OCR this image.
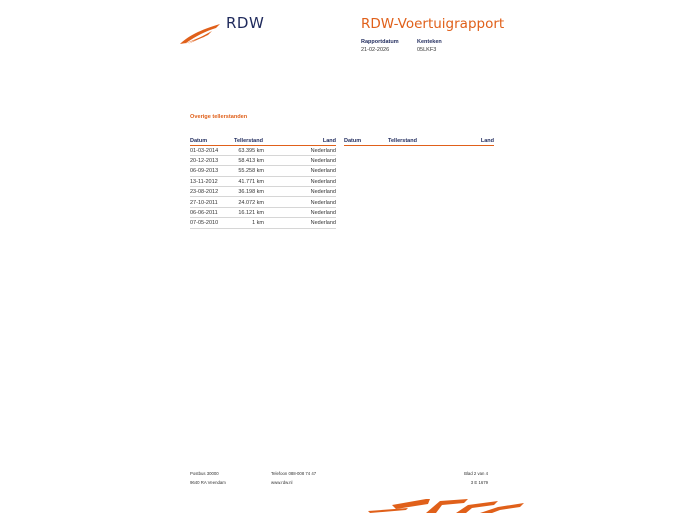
RDW	RDW-Voertuigrapport
Rapportdatum
21-02-2026
Kenteken
05LKF3
Overige tellerstanden
Datum	Tellerstand	Land
01-03-2014	63.395 km	Nederland
20-12-2013	58.413 km	Nederland
06-09-2013	55.258 km	Nederland
13-11-2012	41.771 km	Nederland
23-08-2012	36.198 km	Nederland
27-10-2011	24.072 km	Nederland
06-06-2011	16.121 km	Nederland
07-05-2010	1 km	Nederland
Datum	Tellerstand	Land
Postbus 30000
9640 RA Veendam
Telefoon 088-008 74 47
www.rdw.nl
Blad 2 van 4
3 E 1679
